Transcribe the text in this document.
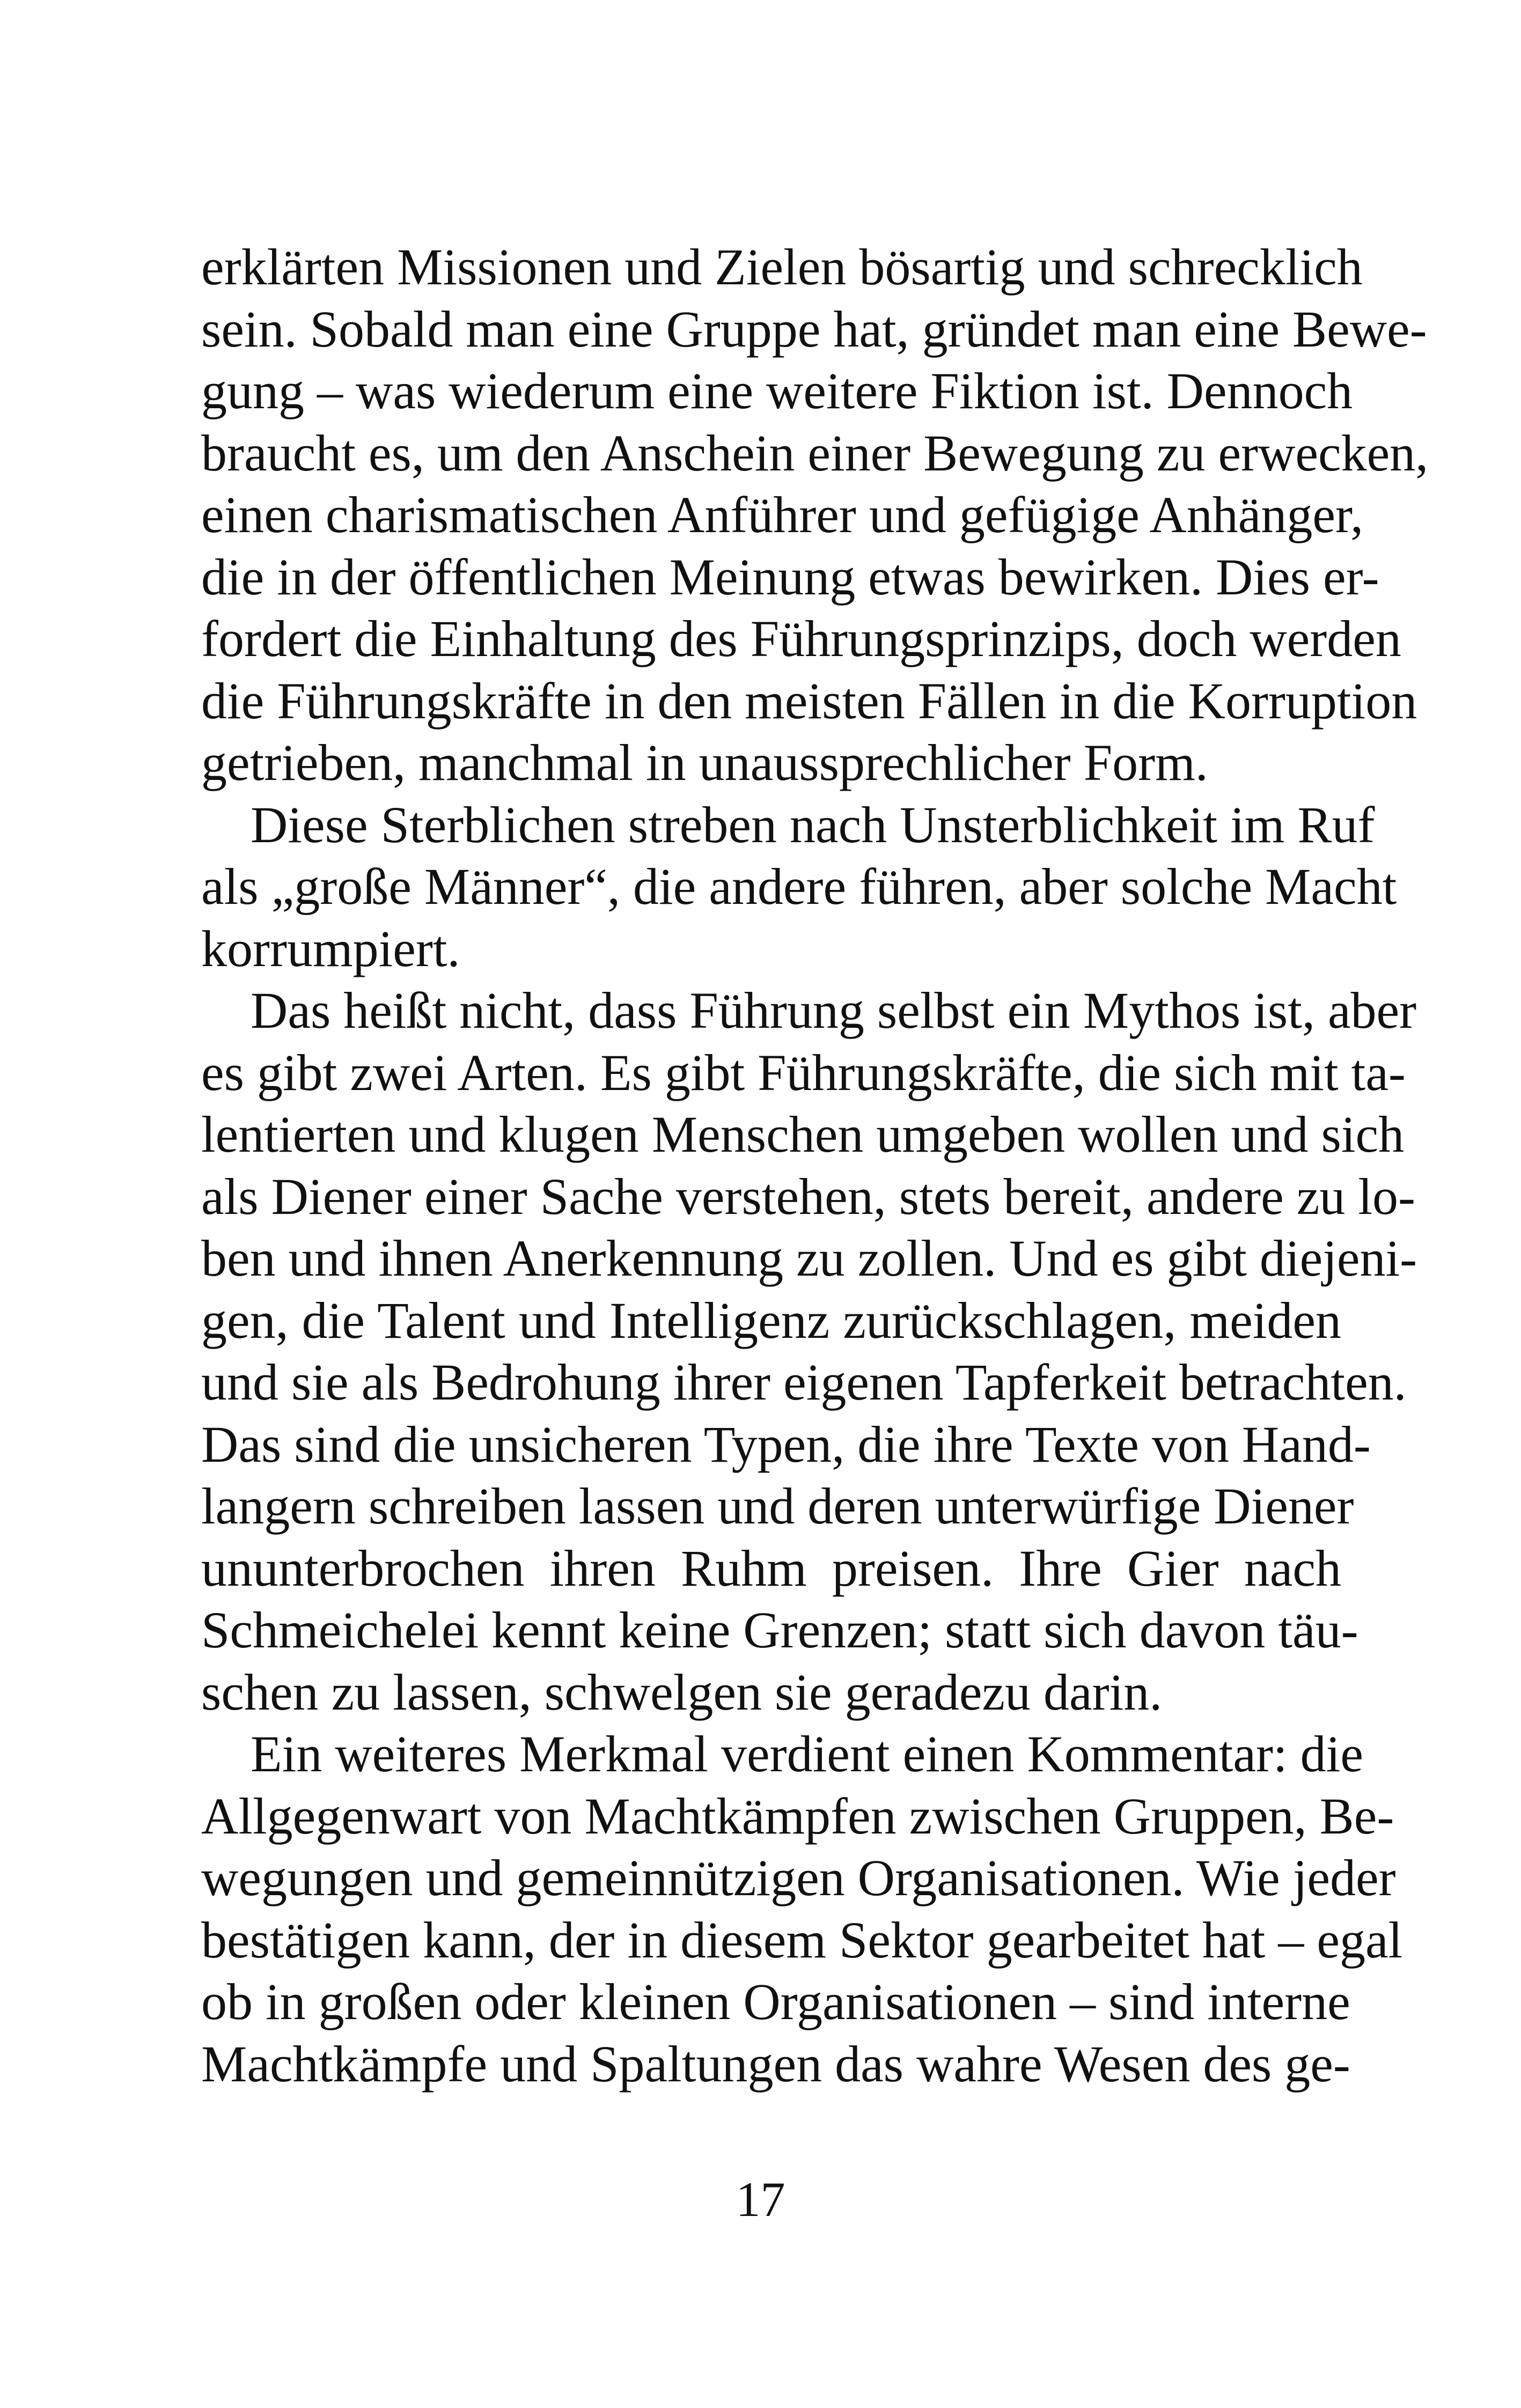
erklärten Missionen und Zielen bösartig und schrecklich
sein. Sobald man eine Gruppe hat, gründet man eine Bewe-
gung – was wiederum eine weitere Fiktion ist. Dennoch
braucht es, um den Anschein einer Bewegung zu erwecken,
einen charismatischen Anführer und gefügige Anhänger,
die in der öffentlichen Meinung etwas bewirken. Dies er-
fordert die Einhaltung des Führungsprinzips, doch werden
die Führungskräfte in den meisten Fällen in die Korruption
getrieben, manchmal in unaussprechlicher Form.
Diese Sterblichen streben nach Unsterblichkeit im Ruf
als „große Männer“, die andere führen, aber solche Macht
korrumpiert.
Das heißt nicht, dass Führung selbst ein Mythos ist, aber
es gibt zwei Arten. Es gibt Führungskräfte, die sich mit ta-
lentierten und klugen Menschen umgeben wollen und sich
als Diener einer Sache verstehen, stets bereit, andere zu lo-
ben und ihnen Anerkennung zu zollen. Und es gibt diejeni-
gen, die Talent und Intelligenz zurückschlagen, meiden
und sie als Bedrohung ihrer eigenen Tapferkeit betrachten.
Das sind die unsicheren Typen, die ihre Texte von Hand-
langern schreiben lassen und deren unterwürfige Diener
ununterbrochen ihren Ruhm preisen. Ihre Gier nach
Schmeichelei kennt keine Grenzen; statt sich davon täu-
schen zu lassen, schwelgen sie geradezu darin.
Ein weiteres Merkmal verdient einen Kommentar: die
Allgegenwart von Machtkämpfen zwischen Gruppen, Be-
wegungen und gemeinnützigen Organisationen. Wie jeder
bestätigen kann, der in diesem Sektor gearbeitet hat – egal
ob in großen oder kleinen Organisationen – sind interne
Machtkämpfe und Spaltungen das wahre Wesen des ge-
17
